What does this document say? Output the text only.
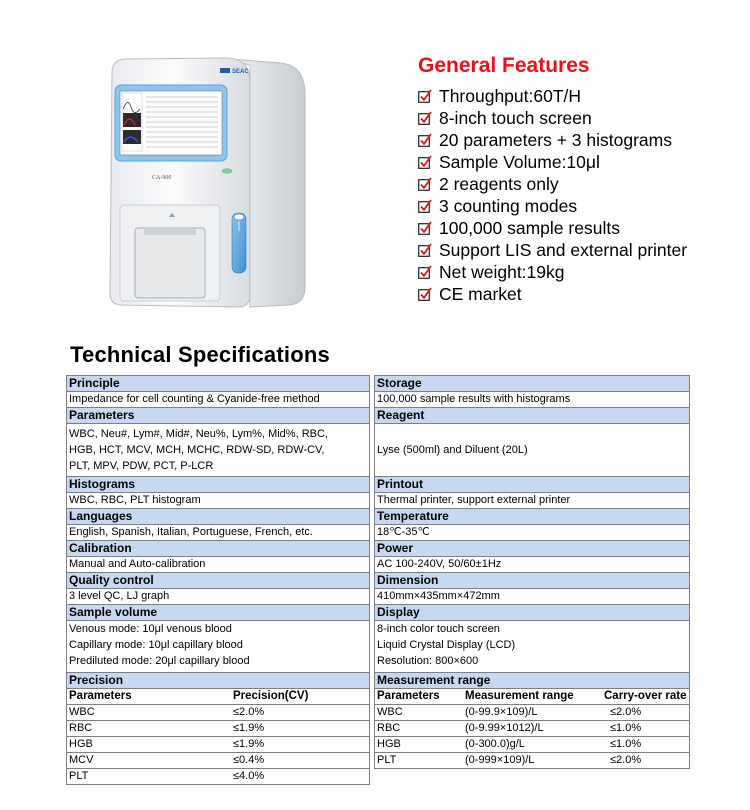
SEAC
CA-900
General Features
Throughput:60T/H
8-inch touch screen
20 parameters + 3 histograms
Sample Volume:10μl
2 reagents only
3 counting modes
100,000 sample results
Support LIS and external printer
Net weight:19kg
CE market
Technical Specifications
Principle
Impedance for cell counting & Cyanide-free method
Parameters
WBC, Neu#, Lym#, Mid#, Neu%, Lym%, Mid%, RBC,
HGB, HCT, MCV, MCH, MCHC, RDW-SD, RDW-CV,
PLT, MPV, PDW, PCT, P-LCR
Histograms
WBC, RBC, PLT histogram
Languages
English, Spanish, Italian, Portuguese, French, etc.
Calibration
Manual and Auto-calibration
Quality control
3 level QC, LJ graph
Sample volume
Venous mode: 10μl venous blood
Capillary mode: 10μl capillary blood
Prediluted mode: 20μl capillary blood
Precision
Parameters	Precision(CV)
WBC	≤2.0%
RBC	≤1.9%
HGB	≤1.9%
MCV	≤0.4%
PLT	≤4.0%
Storage
100,000 sample results with histograms
Reagent
Lyse (500ml) and Diluent (20L)
Printout
Thermal printer, support external printer
Temperature
18℃-35℃
Power
AC 100-240V, 50/60±1Hz
Dimension
410mm×435mm×472mm
Display
8-inch color touch screen
Liquid Crystal Display (LCD)
Resolution: 800×600
Measurement range
Parameters	Measurement range	Carry-over rate
WBC	(0-99.9×109)/L	≤2.0%
RBC	(0-9.99×1012)/L	≤1.0%
HGB	(0-300.0)g/L	≤1.0%
PLT	(0-999×109)/L	≤2.0%
